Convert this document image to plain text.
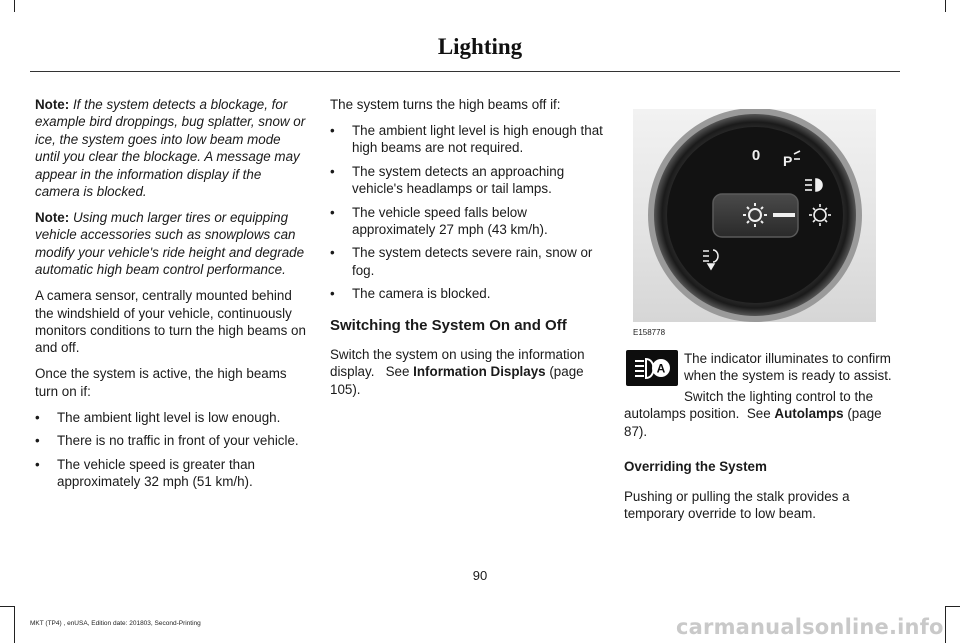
Lighting

Note: If the system detects a blockage, for example bird droppings, bug splatter, snow or ice, the system goes into low beam mode until you clear the blockage. A message may appear in the information display if the camera is blocked.

Note: Using much larger tires or equipping vehicle accessories such as snowplows can modify your vehicle's ride height and degrade automatic high beam control performance.

A camera sensor, centrally mounted behind the windshield of your vehicle, continuously monitors conditions to turn the high beams on and off.

Once the system is active, the high beams turn on if:

• The ambient light level is low enough.
• There is no traffic in front of your vehicle.
• The vehicle speed is greater than approximately 32 mph (51 km/h).

The system turns the high beams off if:

• The ambient light level is high enough that high beams are not required.
• The system detects an approaching vehicle's headlamps or tail lamps.
• The vehicle speed falls below approximately 27 mph (43 km/h).
• The system detects severe rain, snow or fog.
• The camera is blocked.
Switching the System On and Off

Switch the system on using the information display. See Information Displays (page 105).

0 P
E158778
A
The indicator illuminates to confirm when the system is ready to assist.

Switch the lighting control to the autolamps position. See Autolamps (page 87).

Overriding the System

Pushing or pulling the stalk provides a temporary override to low beam.

90
MKT (TP4) , enUSA, Edition date: 201803, Second-Printing	carmanualsonline.info
